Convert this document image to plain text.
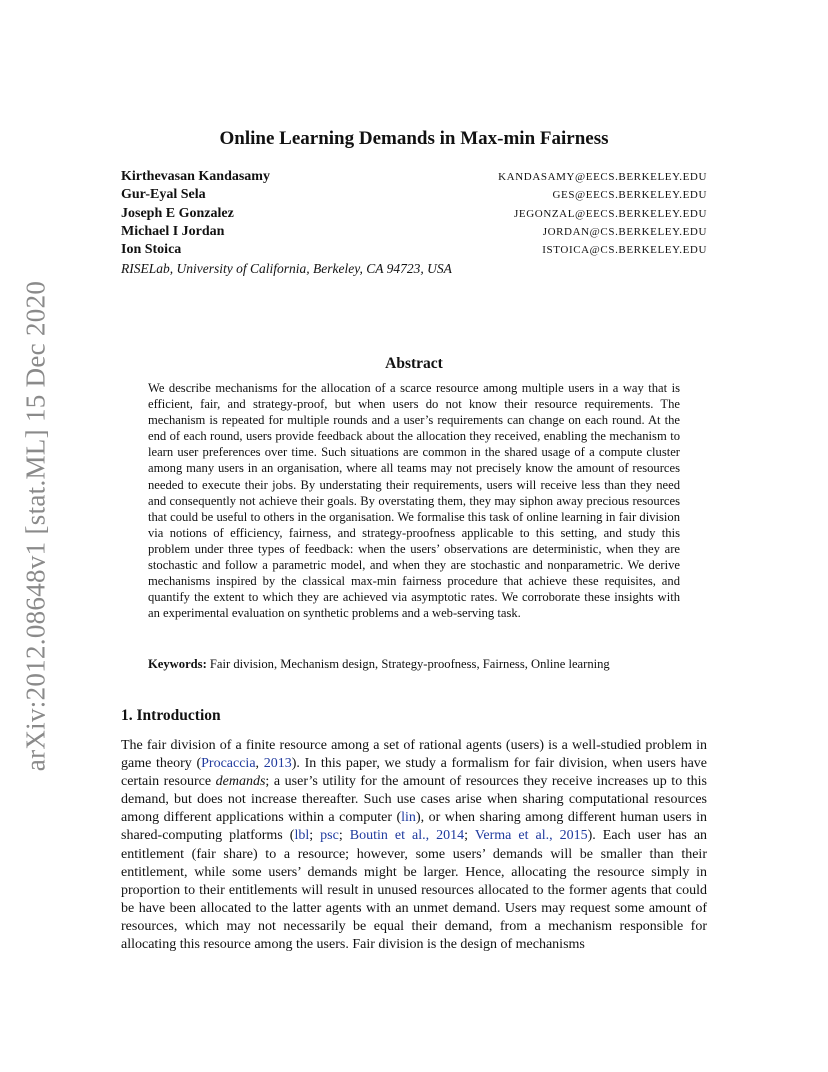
arXiv:2012.08648v1 [stat.ML] 15 Dec 2020
Online Learning Demands in Max-min Fairness
Kirthevasan Kandasamy	KANDASAMY@EECS.BERKELEY.EDU
Gur-Eyal Sela	GES@EECS.BERKELEY.EDU
Joseph E Gonzalez	JEGONZAL@EECS.BERKELEY.EDU
Michael I Jordan	JORDAN@CS.BERKELEY.EDU
Ion Stoica	ISTOICA@CS.BERKELEY.EDU
RISELab, University of California, Berkeley, CA 94723, USA
Abstract

We describe mechanisms for the allocation of a scarce resource among multiple users in a way that is efficient, fair, and strategy-proof, but when users do not know their resource requirements. The mechanism is repeated for multiple rounds and a user’s requirements can change on each round. At the end of each round, users provide feedback about the allocation they received, enabling the mechanism to learn user preferences over time. Such situations are common in the shared usage of a compute cluster among many users in an organisation, where all teams may not precisely know the amount of resources needed to execute their jobs. By understating their requirements, users will receive less than they need and consequently not achieve their goals. By overstating them, they may siphon away precious resources that could be useful to others in the organisation. We formalise this task of online learning in fair division via notions of efficiency, fairness, and strategy-proofness applicable to this setting, and study this problem under three types of feedback: when the users’ observations are deterministic, when they are stochastic and follow a parametric model, and when they are stochastic and nonparametric. We derive mechanisms inspired by the classical max-min fairness procedure that achieve these requisites, and quantify the extent to which they are achieved via asymptotic rates. We corroborate these insights with an experimental evaluation on synthetic problems and a web-serving task.

Keywords: Fair division, Mechanism design, Strategy-proofness, Fairness, Online learning

1. Introduction

The fair division of a finite resource among a set of rational agents (users) is a well-studied problem in game theory (Procaccia, 2013). In this paper, we study a formalism for fair division, when users have certain resource demands; a user’s utility for the amount of resources they receive increases up to this demand, but does not increase thereafter. Such use cases arise when sharing computational resources among different applications within a computer (lin), or when sharing among different human users in shared-computing platforms (lbl; psc; Boutin et al., 2014; Verma et al., 2015). Each user has an entitlement (fair share) to a resource; however, some users’ demands will be smaller than their entitlement, while some users’ demands might be larger. Hence, allocating the resource simply in proportion to their entitlements will result in unused resources allocated to the former agents that could be have been allocated to the latter agents with an unmet demand. Users may request some amount of resources, which may not necessarily be equal their demand, from a mechanism responsible for allocating this resource among the users. Fair division is the design of mechanisms
